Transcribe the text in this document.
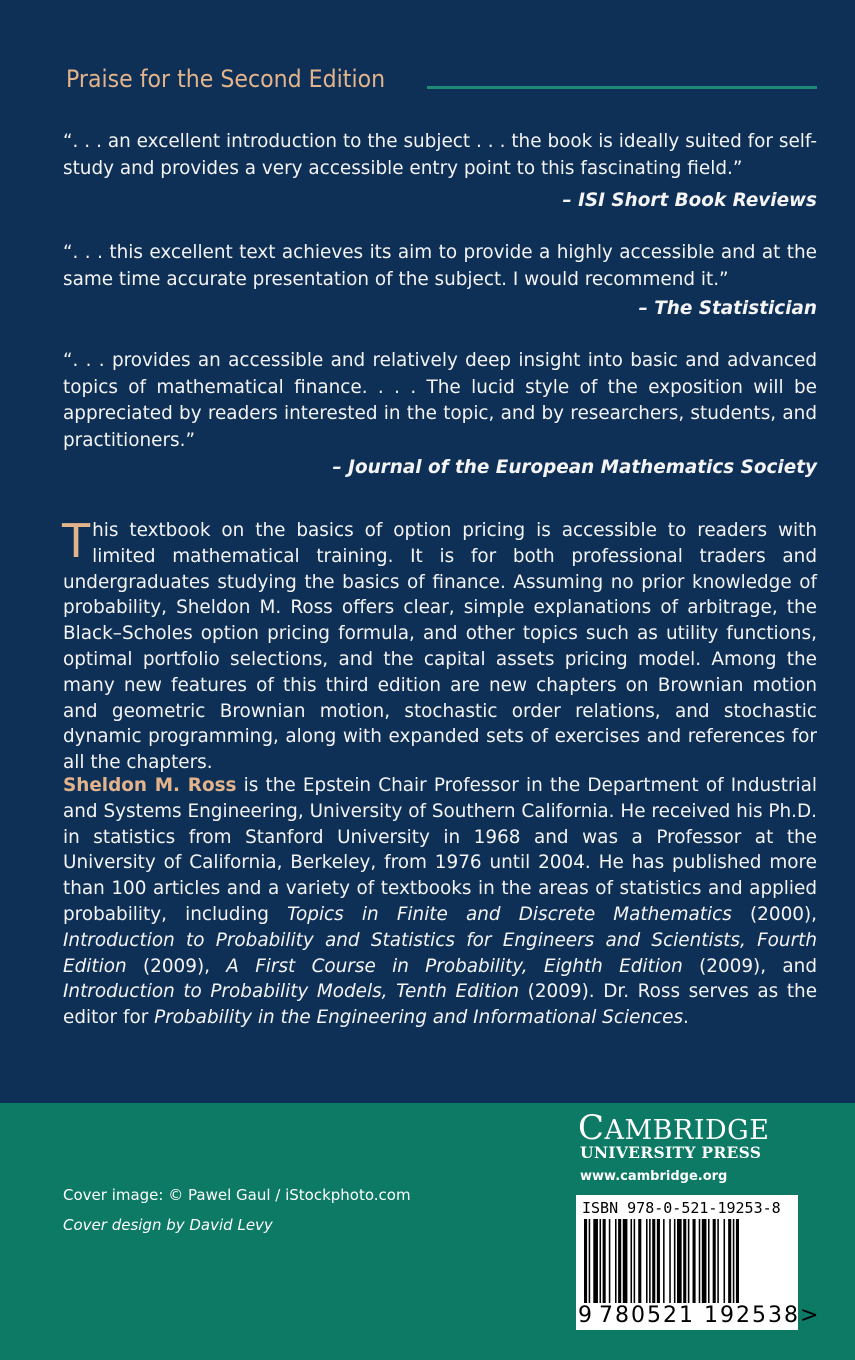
Praise for the Second Edition
“. . . an excellent introduction to the subject . . . the book is ideally suited for self-study and provides a very accessible entry point to this fascinating field.”
– ISI Short Book Reviews
“. . . this excellent text achieves its aim to provide a highly accessible and at the same time accurate presentation of the subject. I would recommend it.”
– The Statistician
“. . . provides an accessible and relatively deep insight into basic and advanced topics of mathematical finance. . . . The lucid style of the exposition will be appreciated by readers interested in the topic, and by researchers, students, and practitioners.”
– Journal of the European Mathematics Society
This textbook on the basics of option pricing is accessible to readers with limited mathematical training. It is for both professional traders and undergraduates studying the basics of finance. Assuming no prior knowledge of probability, Sheldon M. Ross offers clear, simple explanations of arbitrage, the Black–Scholes option pricing formula, and other topics such as utility functions, optimal portfolio selections, and the capital assets pricing model. Among the many new features of this third edition are new chapters on Brownian motion and geometric Brownian motion, stochastic order relations, and stochastic dynamic programming, along with expanded sets of exercises and references for all the chapters.
Sheldon M. Ross is the Epstein Chair Professor in the Department of Industrial and Systems Engineering, University of Southern California. He received his Ph.D. in statistics from Stanford University in 1968 and was a Professor at the University of California, Berkeley, from 1976 until 2004. He has published more than 100 articles and a variety of textbooks in the areas of statistics and applied probability, including Topics in Finite and Discrete Mathematics (2000), Introduction to Probability and Statistics for Engineers and Scientists, Fourth Edition (2009), A First Course in Probability, Eighth Edition (2009), and Introduction to Probability Models, Tenth Edition (2009). Dr. Ross serves as the editor for Probability in the Engineering and Informational Sciences.
Cover image: © Pawel Gaul / iStockphoto.com
Cover design by David Levy
CAMBRIDGE
UNIVERSITY PRESS
www.cambridge.org
ISBN 978-0-521-19253-8
9 780521 192538>
